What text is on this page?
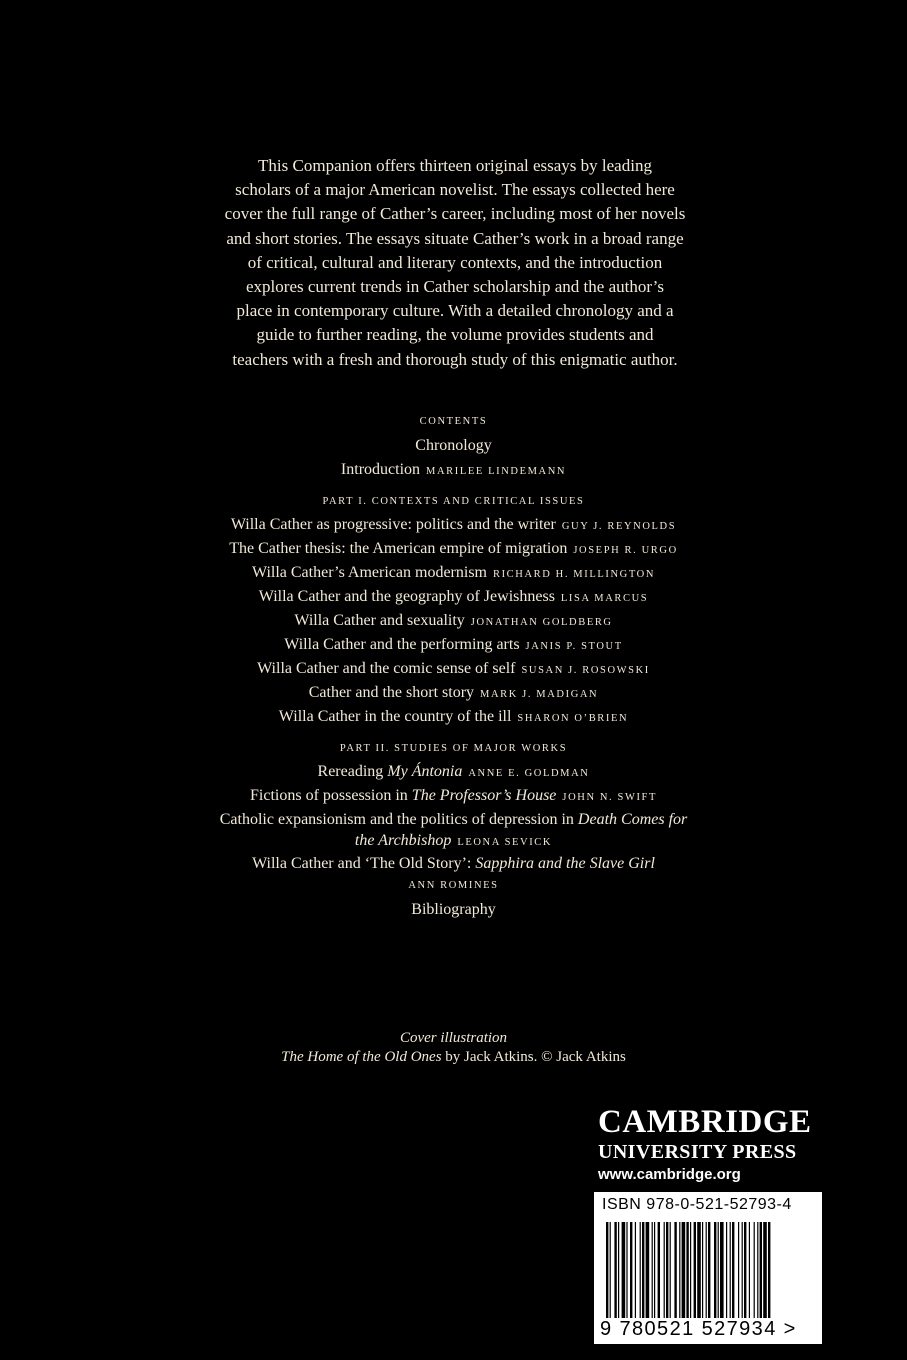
This Companion offers thirteen original essays by leading
scholars of a major American novelist. The essays collected here
cover the full range of Cather’s career, including most of her novels
and short stories. The essays situate Cather’s work in a broad range
of critical, cultural and literary contexts, and the introduction
explores current trends in Cather scholarship and the author’s
place in contemporary culture. With a detailed chronology and a
guide to further reading, the volume provides students and
teachers with a fresh and thorough study of this enigmatic author.
CONTENTS
Chronology
Introduction MARILEE LINDEMANN
PART I. CONTEXTS AND CRITICAL ISSUES
Willa Cather as progressive: politics and the writer GUY J. REYNOLDS
The Cather thesis: the American empire of migration JOSEPH R. URGO
Willa Cather’s American modernism RICHARD H. MILLINGTON
Willa Cather and the geography of Jewishness LISA MARCUS
Willa Cather and sexuality JONATHAN GOLDBERG
Willa Cather and the performing arts JANIS P. STOUT
Willa Cather and the comic sense of self SUSAN J. ROSOWSKI
Cather and the short story MARK J. MADIGAN
Willa Cather in the country of the ill SHARON O’BRIEN
PART II. STUDIES OF MAJOR WORKS
Rereading My Ántonia ANNE E. GOLDMAN
Fictions of possession in The Professor’s House JOHN N. SWIFT
Catholic expansionism and the politics of depression in Death Comes for
the Archbishop LEONA SEVICK
Willa Cather and ‘The Old Story’: Sapphira and the Slave Girl
ANN ROMINES
Bibliography
Cover illustration
The Home of the Old Ones by Jack Atkins. © Jack Atkins
CAMBRIDGE
UNIVERSITY PRESS
www.cambridge.org
ISBN 978-0-521-52793-4
9 780521 527934 >
